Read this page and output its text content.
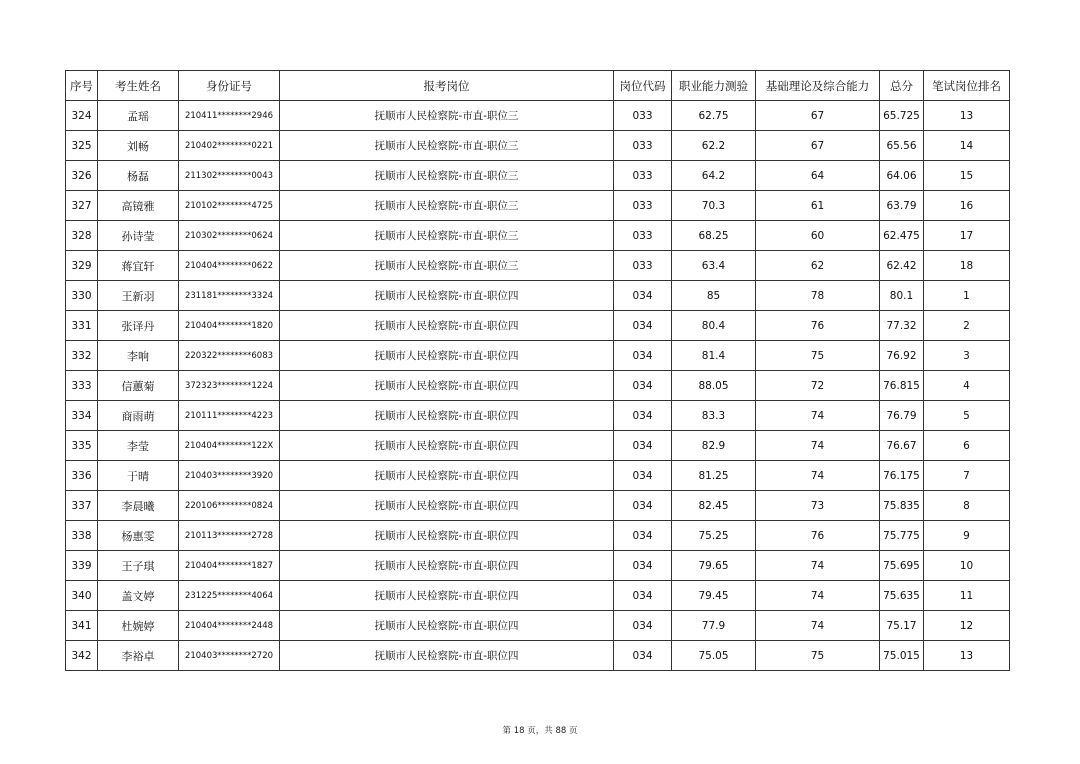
序号	考生姓名	身份证号	报考岗位	岗位代码	职业能力测验	基础理论及综合能力	总分	笔试岗位排名
324	孟瑶	210411********2946	抚顺市人民检察院-市直-职位三	033	62.75	67	65.725	13
325	刘畅	210402********0221	抚顺市人民检察院-市直-职位三	033	62.2	67	65.56	14
326	杨磊	211302********0043	抚顺市人民检察院-市直-职位三	033	64.2	64	64.06	15
327	高镜雅	210102********4725	抚顺市人民检察院-市直-职位三	033	70.3	61	63.79	16
328	孙诗莹	210302********0624	抚顺市人民检察院-市直-职位三	033	68.25	60	62.475	17
329	蒋宜轩	210404********0622	抚顺市人民检察院-市直-职位三	033	63.4	62	62.42	18
330	王新羽	231181********3324	抚顺市人民检察院-市直-职位四	034	85	78	80.1	1
331	张译丹	210404********1820	抚顺市人民检察院-市直-职位四	034	80.4	76	77.32	2
332	李响	220322********6083	抚顺市人民检察院-市直-职位四	034	81.4	75	76.92	3
333	信蕙菊	372323********1224	抚顺市人民检察院-市直-职位四	034	88.05	72	76.815	4
334	商雨萌	210111********4223	抚顺市人民检察院-市直-职位四	034	83.3	74	76.79	5
335	李莹	210404********122X	抚顺市人民检察院-市直-职位四	034	82.9	74	76.67	6
336	于晴	210403********3920	抚顺市人民检察院-市直-职位四	034	81.25	74	76.175	7
337	李晨曦	220106********0824	抚顺市人民检察院-市直-职位四	034	82.45	73	75.835	8
338	杨惠雯	210113********2728	抚顺市人民检察院-市直-职位四	034	75.25	76	75.775	9
339	王子琪	210404********1827	抚顺市人民检察院-市直-职位四	034	79.65	74	75.695	10
340	盖文婷	231225********4064	抚顺市人民检察院-市直-职位四	034	79.45	74	75.635	11
341	杜婉婷	210404********2448	抚顺市人民检察院-市直-职位四	034	77.9	74	75.17	12
342	李裕卓	210403********2720	抚顺市人民检察院-市直-职位四	034	75.05	75	75.015	13
第 18 页，共 88 页
